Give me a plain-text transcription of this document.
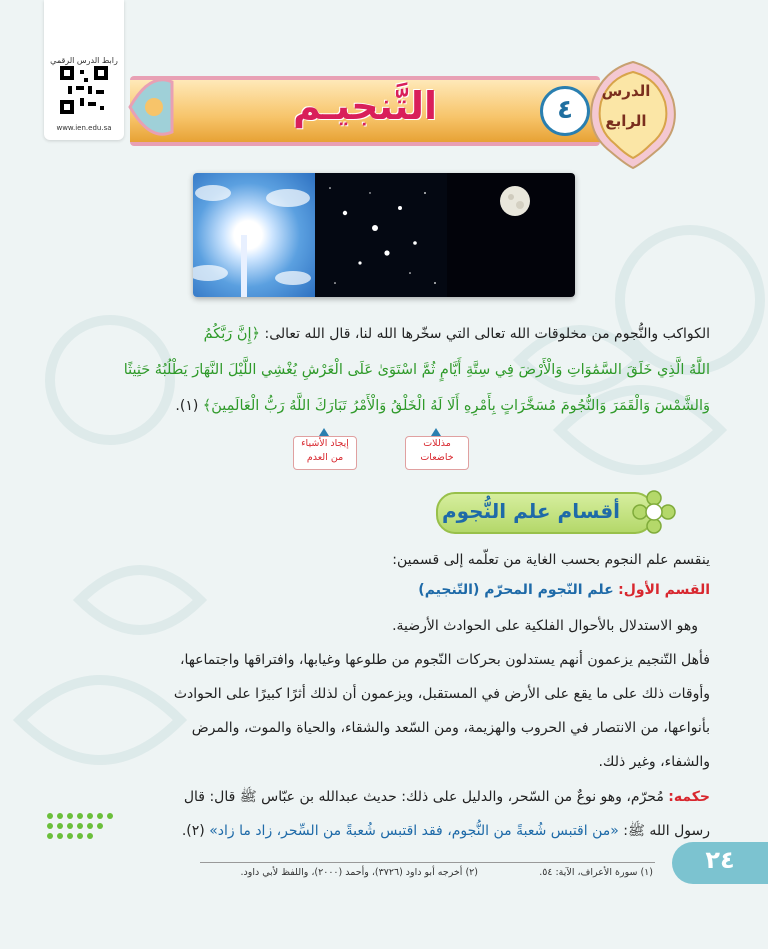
رابط الدرس الرقمي
www.ien.edu.sa	التَّنجيـم	٤
الدرس
الرابع
الكواكب والنُّجوم من مخلوقات الله تعالى التي سخّرها الله لنا، قال الله تعالى: ﴿إِنَّ رَبَّكُمُ
اللَّهُ الَّذِي خَلَقَ السَّمَٰوَاتِ وَالْأَرْضَ فِي سِتَّةِ أَيَّامٍ ثُمَّ اسْتَوَىٰ عَلَى الْعَرْشِ يُغْشِي اللَّيْلَ النَّهَارَ يَطْلُبُهُ حَثِيثًا
وَالشَّمْسَ وَالْقَمَرَ وَالنُّجُومَ مُسَخَّرَاتٍ بِأَمْرِهِ أَلَا لَهُ الْخَلْقُ وَالْأَمْرُ تَبَارَكَ اللَّهُ رَبُّ الْعَالَمِينَ﴾ (١).
مذللات
خاضعات
إيجاد الأشياء
من العدم
أقسام علم النُّجوم
ينقسم علم النجوم بحسب الغاية من تعلّمه إلى قسمين:
القسم الأول: علم النّجوم المحرّم (التّنجيم)
وهو الاستدلال بالأحوال الفلكية على الحوادث الأرضية.
فأهل التّنجيم يزعمون أنهم يستدلون بحركات النّجوم من طلوعها وغيابها، وافتراقها واجتماعها،
وأوقات ذلك على ما يقع على الأرض في المستقبل، ويزعمون أن لذلك أثرًا كبيرًا على الحوادث
بأنواعها، من الانتصار في الحروب والهزيمة، ومن السّعد والشقاء، والحياة والموت، والمرض
والشفاء، وغير ذلك.
حكمه: مُحرّم، وهو نوعٌ من السّحر، والدليل على ذلك: حديث عبدالله بن عبّاس ﷺ قال: قال
رسول الله ﷺ: «من اقتبس شُعبةً من النُّجوم، فقد اقتبس شُعبةً من السِّحر، زاد ما زاد» (٢).
(١) سورة الأعراف، الآية: ٥٤.
(٢) أخرجه أبو داود (٣٧٢٦)، وأحمد (٢٠٠٠)، واللفظ لأبي داود.	٢٤
